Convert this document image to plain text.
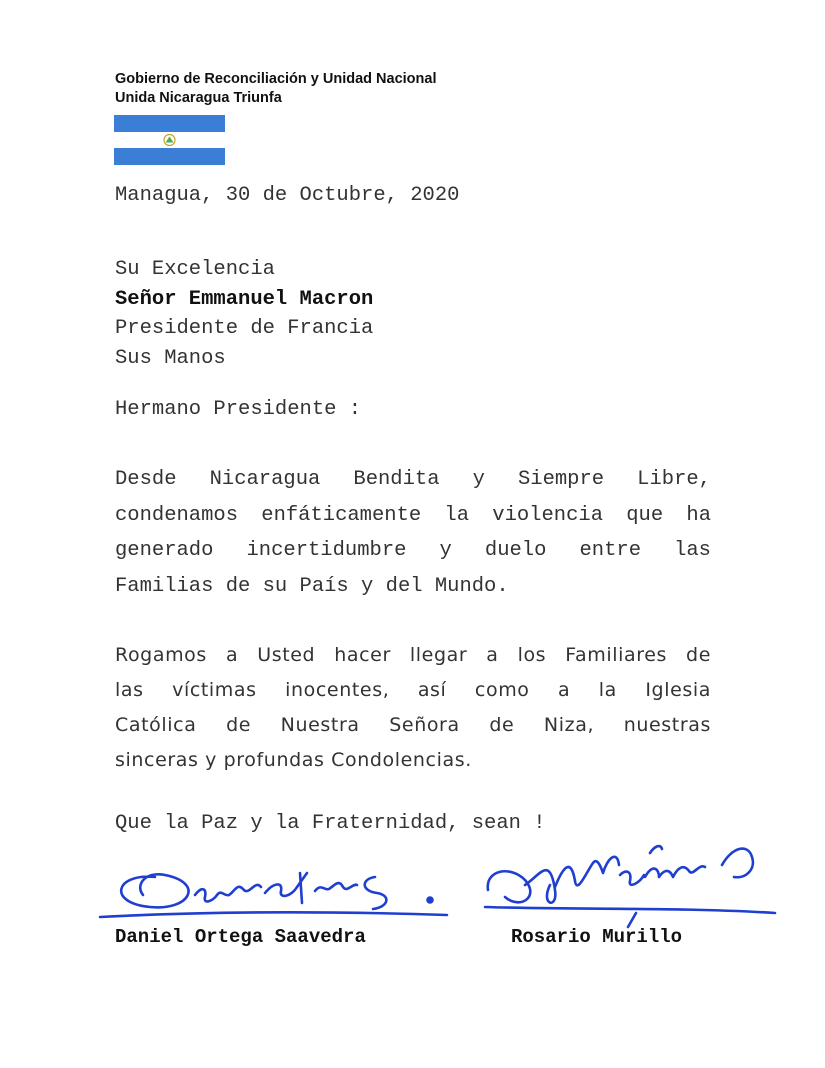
Gobierno de Reconciliación y Unidad Nacional
Unida Nicaragua Triunfa

Managua, 30 de Octubre, 2020

Su Excelencia
Señor Emmanuel Macron
Presidente de Francia
Sus Manos

Hermano Presidente :

Desde Nicaragua Bendita y Siempre Libre,
condenamos enfáticamente la violencia que ha
generado incertidumbre y duelo entre las
Familias de su País y del Mundo.
Rogamos a Usted hacer llegar a los Familiares de
las víctimas inocentes, así como a la Iglesia
Católica de Nuestra Señora de Niza, nuestras
sinceras y profundas Condolencias.

Que la Paz y la Fraternidad, sean !

Daniel Ortega Saavedra	Rosario Murillo
